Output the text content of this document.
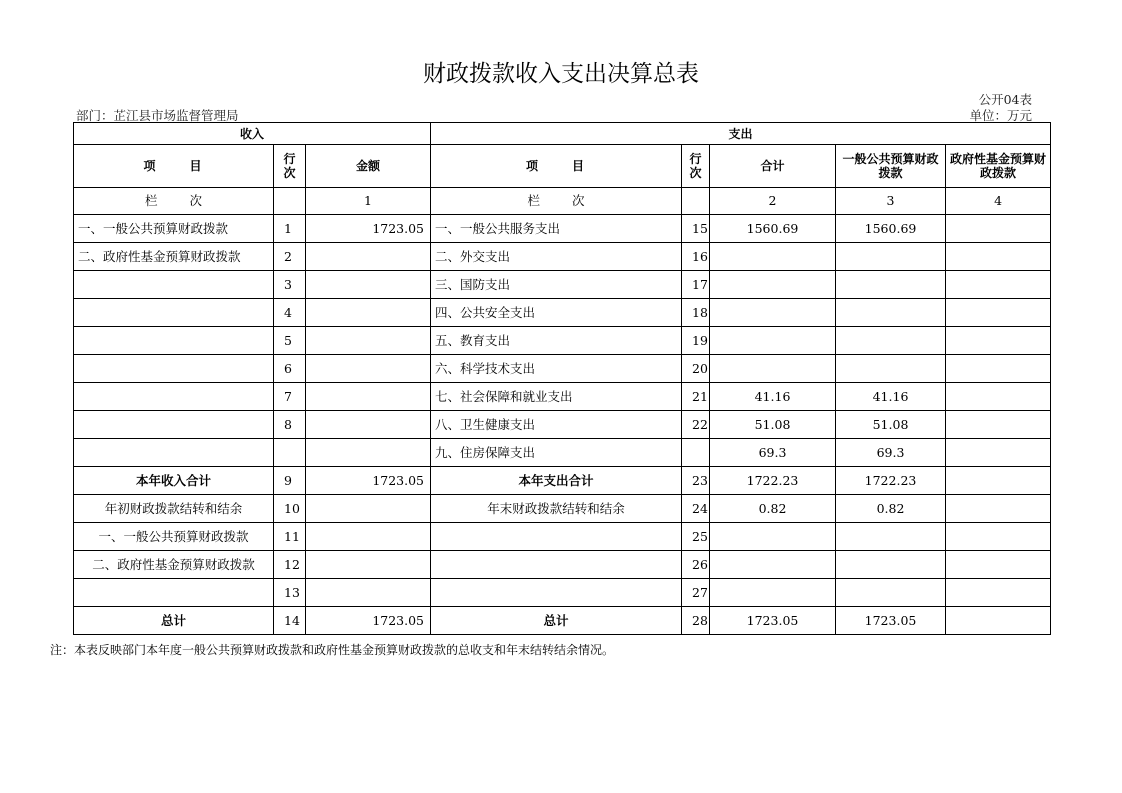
财政拨款收入支出决算总表
公开04表
部门：芷江县市场监督管理局	单位：万元
收入			支出				
项 目	行次	金额	项 目	行次	合计	一般公共预算财政拨款	政府性基金预算财政拨款
栏 次		1	栏 次		2	3	4
一、一般公共预算财政拨款	1	1723.05	一、一般公共服务支出	15	1560.69	1560.69	
二、政府性基金预算财政拨款	2		二、外交支出	16			
	3		三、国防支出	17			
	4		四、公共安全支出	18			
	5		五、教育支出	19			
	6		六、科学技术支出	20			
	7		七、社会保障和就业支出	21	41.16	41.16	
	8		八、卫生健康支出	22	51.08	51.08	
			九、住房保障支出		69.3	69.3	
本年收入合计	9	1723.05	本年支出合计	23	1722.23	1722.23	
年初财政拨款结转和结余	10		年末财政拨款结转和结余	24	0.82	0.82	
一、一般公共预算财政拨款	11			25			
二、政府性基金预算财政拨款	12			26			
	13			27			
总计	14	1723.05	总计	28	1723.05	1723.05	
注：本表反映部门本年度一般公共预算财政拨款和政府性基金预算财政拨款的总收支和年末结转结余情况。
